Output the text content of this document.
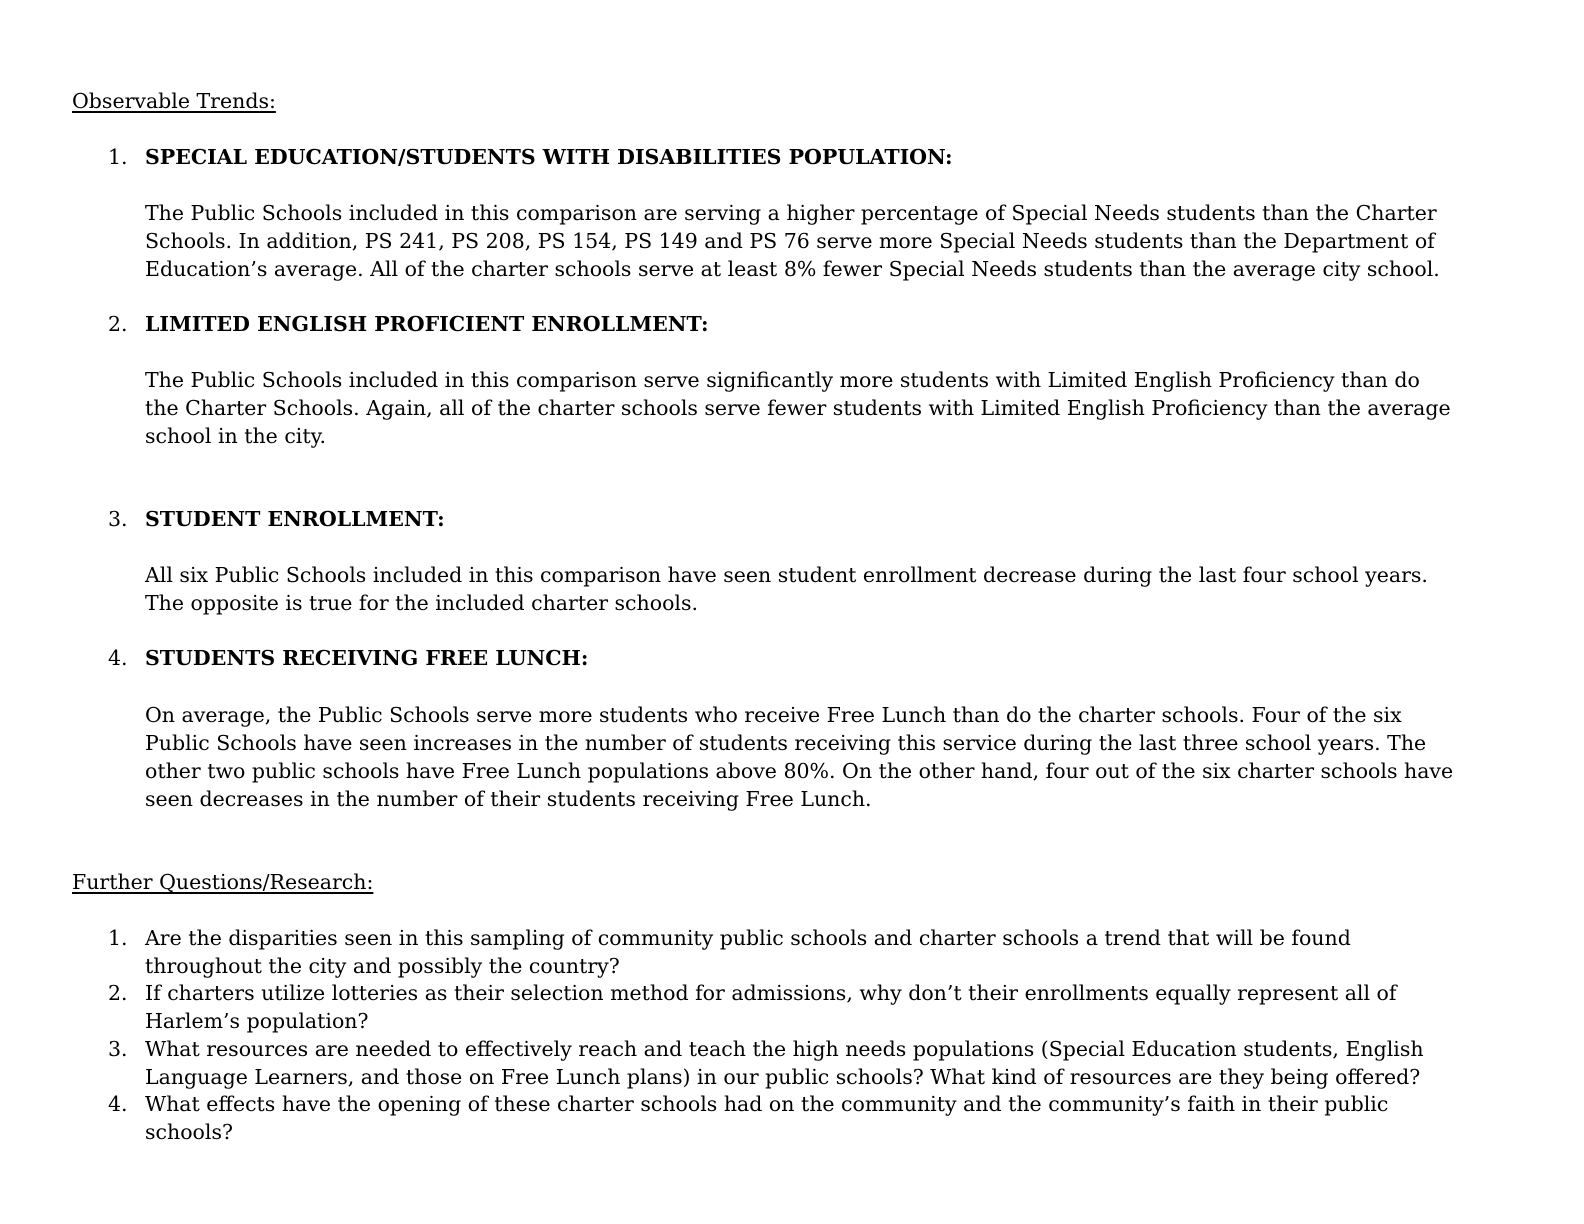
Observable Trends:

1. SPECIAL EDUCATION/STUDENTS WITH DISABILITIES POPULATION:

The Public Schools included in this comparison are serving a higher percentage of Special Needs students than the Charter Schools. In addition, PS 241, PS 208, PS 154, PS 149 and PS 76 serve more Special Needs students than the Department of Education’s average. All of the charter schools serve at least 8% fewer Special Needs students than the average city school.

2. LIMITED ENGLISH PROFICIENT ENROLLMENT:

The Public Schools included in this comparison serve significantly more students with Limited English Proficiency than do the Charter Schools. Again, all of the charter schools serve fewer students with Limited English Proficiency than the average school in the city.

3. STUDENT ENROLLMENT:

All six Public Schools included in this comparison have seen student enrollment decrease during the last four school years. The opposite is true for the included charter schools.

4. STUDENTS RECEIVING FREE LUNCH:

On average, the Public Schools serve more students who receive Free Lunch than do the charter schools. Four of the six Public Schools have seen increases in the number of students receiving this service during the last three school years. The other two public schools have Free Lunch populations above 80%. On the other hand, four out of the six charter schools have seen decreases in the number of their students receiving Free Lunch.

Further Questions/Research:

1. Are the disparities seen in this sampling of community public schools and charter schools a trend that will be found throughout the city and possibly the country?

2. If charters utilize lotteries as their selection method for admissions, why don’t their enrollments equally represent all of Harlem’s population?

3. What resources are needed to effectively reach and teach the high needs populations (Special Education students, English Language Learners, and those on Free Lunch plans) in our public schools? What kind of resources are they being offered?

4. What effects have the opening of these charter schools had on the community and the community’s faith in their public schools?
